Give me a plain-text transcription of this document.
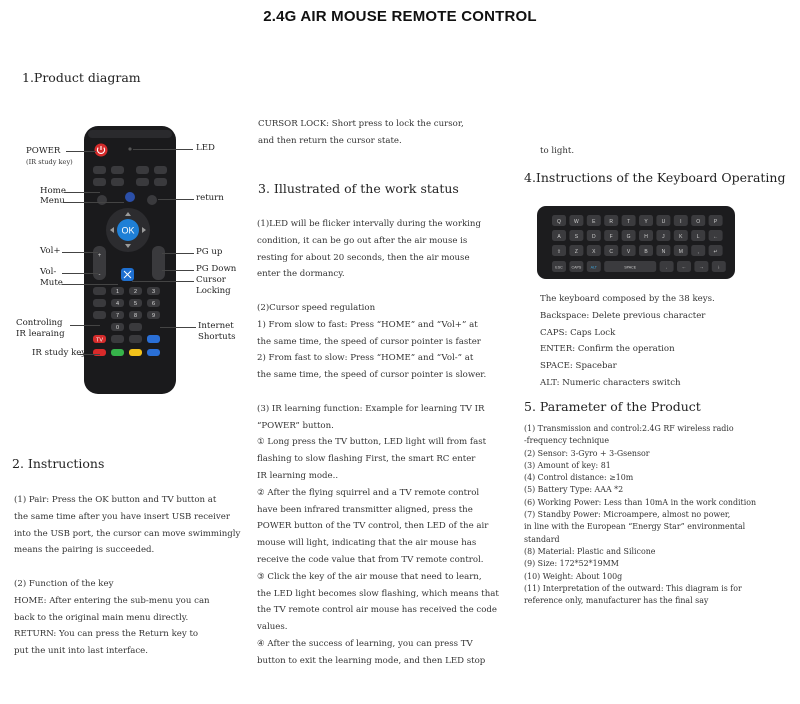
2.4G AIR MOUSE REMOTE CONTROL
1.Product diagram
OK
+
-
1	2	3
4	5	6
7	8	9
0
TV
POWER
(IR study key)
LED
Home
Menu	return
Vol+	PG up
Vol-
Mute
PG Down
Cursor
Locking
Controling
IR learaing
Internet
Shortuts
IR study key
2. Instructions

(1) Pair: Press the OK button and TV button at

the same time after you have insert USB receiver

into the USB port, the cursor can move swimmingly

means the pairing is succeeded.

(2) Function of the key

HOME: After entering the sub-menu you can

back to the original main menu directly.

RETURN: You can press the Return key to

put the unit into last interface.

CURSOR LOCK: Short press to lock the cursor,

and then return the cursor state.

3. Illustrated of the work status

(1)LED will be flicker intervally during the working

condition, it can be go out after the air mouse is

resting for about 20 seconds, then the air mouse

enter the dormancy.

(2)Cursor speed regulation

1) From slow to fast: Press “HOME” and “Vol+” at

the same time, the speed of cursor pointer is faster

2) From fast to slow: Press “HOME” and “Vol-” at

the same time, the speed of cursor pointer is slower.

(3) IR learning function: Example for learning TV IR

“POWER” button.

① Long press the TV button, LED light will from fast

flashing to slow flashing First, the smart RC enter

IR learning mode..

② After the flying squirrel and a TV remote control

have been infrared transmitter aligned, press the

POWER button of the TV control, then LED of the air

mouse will light, indicating that the air mouse has

receive the code value that from TV remote control.

③ Click the key of the air mouse that need to learn,

the LED light becomes slow flashing, which means that

the TV remote control air mouse has received the code

values.

④ After the success of learning, you can press TV

button to exit the learning mode, and then LED stop

to light.
4.Instructions of the Keyboard Operating
Q	W	E	R	T	Y	U	I	O	P
A	S	D	F	G	H	J	K	L	←
⇧	Z	X	C	V	B	N	M	,	↵
ESC CAPS	ALT	SPACE	.	← →	↓

The keyboard composed by the 38 keys.

Backspace: Delete previous character

CAPS: Caps Lock

ENTER: Confirm the operation

SPACE: Spacebar

ALT: Numeric characters switch

5. Parameter of the Product

(1) Transmission and control:2.4G RF wireless radio

-frequency technique

(2) Sensor: 3-Gyro + 3-Gsensor

(3) Amount of key: 81

(4) Control distance: ≥10m

(5) Battery Type: AAA *2

(6) Working Power: Less than 10mA in the work condition

(7) Standby Power: Microampere, almost no power,

in line with the European “Energy Star” environmental

standard

(8) Material: Plastic and Silicone

(9) Size: 172*52*19MM

(10) Weight: About 100g

(11) Interpretation of the outward: This diagram is for

reference only, manufacturer has the final say
